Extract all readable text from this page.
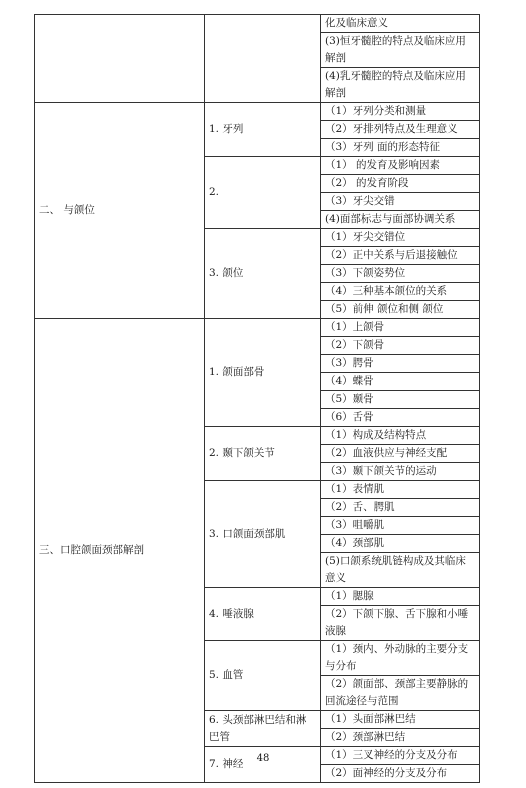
		化及临床意义
		(3)恒牙髓腔的特点及临床应用解剖
		(4)乳牙髓腔的特点及临床应用解剖
二、 与颌位	1. 牙列	（1）牙列分类和测量
		（2）牙排列特点及生理意义
		（3）牙列 面的形态特征
	2.	（1） 的发育及影响因素
		（2） 的发育阶段
		（3）牙尖交错
		(4)面部标志与面部协调关系
	3. 颌位	（1）牙尖交错位
		（2）正中关系与后退接触位
		（3）下颌姿势位
		（4）三种基本颌位的关系
		（5）前伸 颌位和侧 颌位
三、口腔颌面颈部解剖	1. 颌面部骨	（1）上颌骨
		（2）下颌骨
		（3）腭骨
		（4）蝶骨
		（5）颞骨
		（6）舌骨
	2. 颞下颌关节	（1）构成及结构特点
		（2）血液供应与神经支配
		（3）颞下颌关节的运动
	3. 口颌面颈部肌	（1）表情肌
		（2）舌、腭肌
		（3）咀嚼肌
		（4）颈部肌
		(5)口颌系统肌链构成及其临床意义
	4. 唾液腺	（1）腮腺
		（2）下颌下腺、舌下腺和小唾液腺
	5. 血管	（1）颈内、外动脉的主要分支与分布
		（2）颌面部、颈部主要静脉的回流途径与范围
	6. 头颈部淋巴结和淋巴管	（1）头面部淋巴结
		（2）颈部淋巴结
	7. 神经	（1）三叉神经的分支及分布
		（2）面神经的分支及分布
48
